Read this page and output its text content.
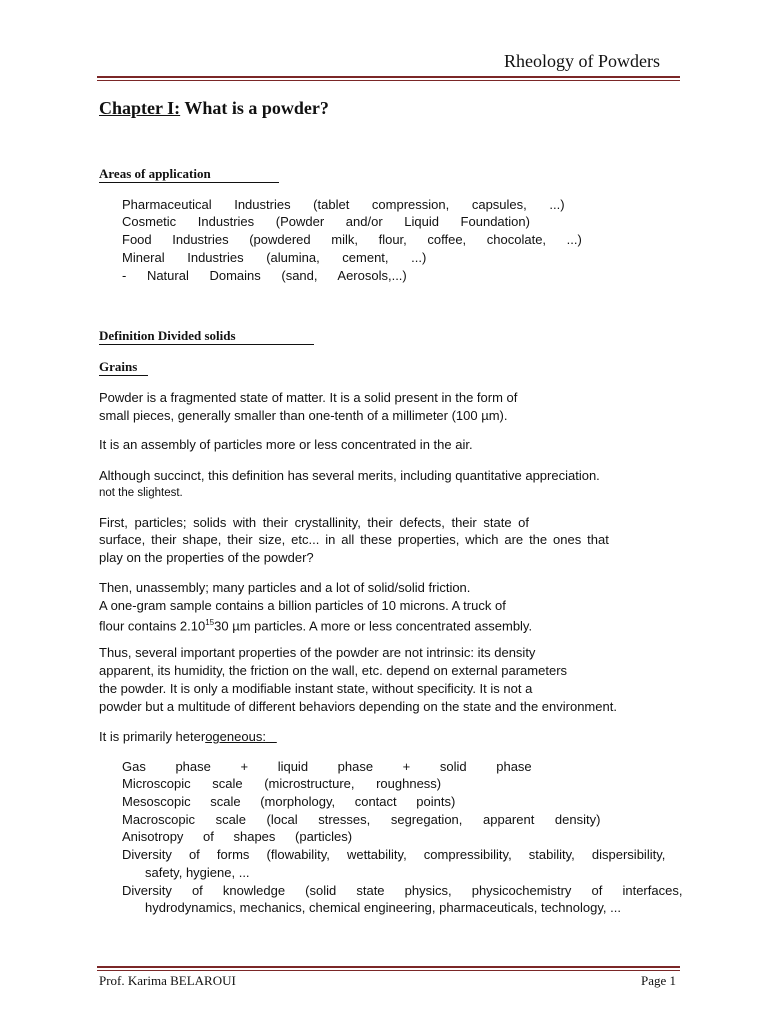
Rheology of Powders
Chapter I: What is a powder?
Areas of application
Pharmaceutical Industries (tablet compression, capsules, ...)
Cosmetic Industries (Powder and/or Liquid Foundation)
Food Industries (powdered milk, flour, coffee, chocolate, ...)
Mineral Industries (alumina, cement, ...)
- Natural Domains (sand, Aerosols,...)
Definition Divided solids
Grains
Powder is a fragmented state of matter. It is a solid present in the form of
small pieces, generally smaller than one-tenth of a millimeter (100 µm).
It is an assembly of particles more or less concentrated in the air.
Although succinct, this definition has several merits, including quantitative appreciation.
not the slightest.
First, particles; solids with their crystallinity, their defects, their state of
surface, their shape, their size, etc... in all these properties, which are the ones that
play on the properties of the powder?
Then, unassembly; many particles and a lot of solid/solid friction.
A one-gram sample contains a billion particles of 10 microns. A truck of
flour contains 2.10$^{15}$30 µm particles. A more or less concentrated assembly.
Thus, several important properties of the powder are not intrinsic: its density
apparent, its humidity, the friction on the wall, etc. depend on external parameters
the powder. It is only a modifiable instant state, without specificity. It is not a
powder but a multitude of different behaviors depending on the state and the environment.
It is primarily heterogeneous:
Gas phase + liquid phase + solid phase
Microscopic scale (microstructure, roughness)
Mesoscopic scale (morphology, contact points)
Macroscopic scale (local stresses, segregation, apparent density)
Anisotropy of shapes (particles)
Diversity of forms (flowability, wettability, compressibility, stability, dispersibility,
safety, hygiene, ...
Diversity of knowledge (solid state physics, physicochemistry of interfaces,
hydrodynamics, mechanics, chemical engineering, pharmaceuticals, technology, ...
Prof. Karima BELAROUI	Page 1
